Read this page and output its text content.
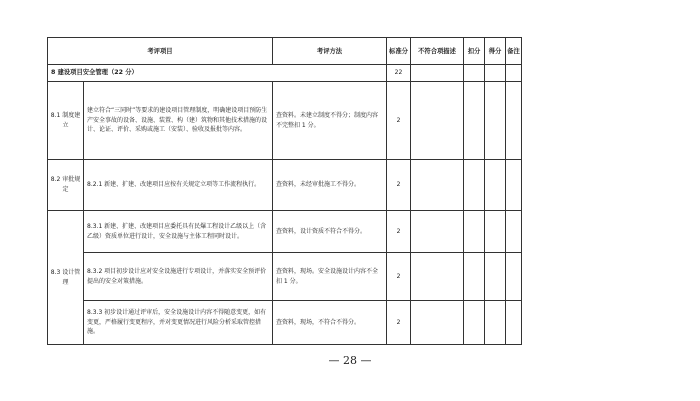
考评项目		考评方法	标准分	不符合项描述	扣分	得分	备注
8 建设项目安全管理（22 分）			22				
8.1 制度建立	建立符合“三同时”等要求的建设项目管理制度，明确建设项目预防生产安全事故的设备、设施、装置、构（建）筑物和其他技术措施的设计、论证、评价、采购或施工（安装）、验收及报批等内容。	查资料。未建立制度不得分；制度内容不完整扣 1 分。	2				
8.2 审批规定	8.2.1 新建、扩建、改建项目应按有关规定立项等工作流程执行。	查资料，未经审批施工不得分。	2				
8.3 设计管理	8.3.1 新建、扩建、改建项目应委托具有民爆工程设计乙级以上（含乙级）资质单位进行设计，安全设施与主体工程同时设计。	查资料，设计资质不符合不得分。	2				
	8.3.2 项目初步设计应对安全设施进行专项设计，并落实安全预评价提出的安全对策措施。	查资料，现场。安全设施设计内容不全扣 1 分。	2				
	8.3.3 初步设计通过评审后，安全设施设计内容不得随意变更，如有变更，严格履行变更程序，并对变更情况进行风险分析采取管控措施。	查资料，现场，不符合不得分。	2				
— 28 —
